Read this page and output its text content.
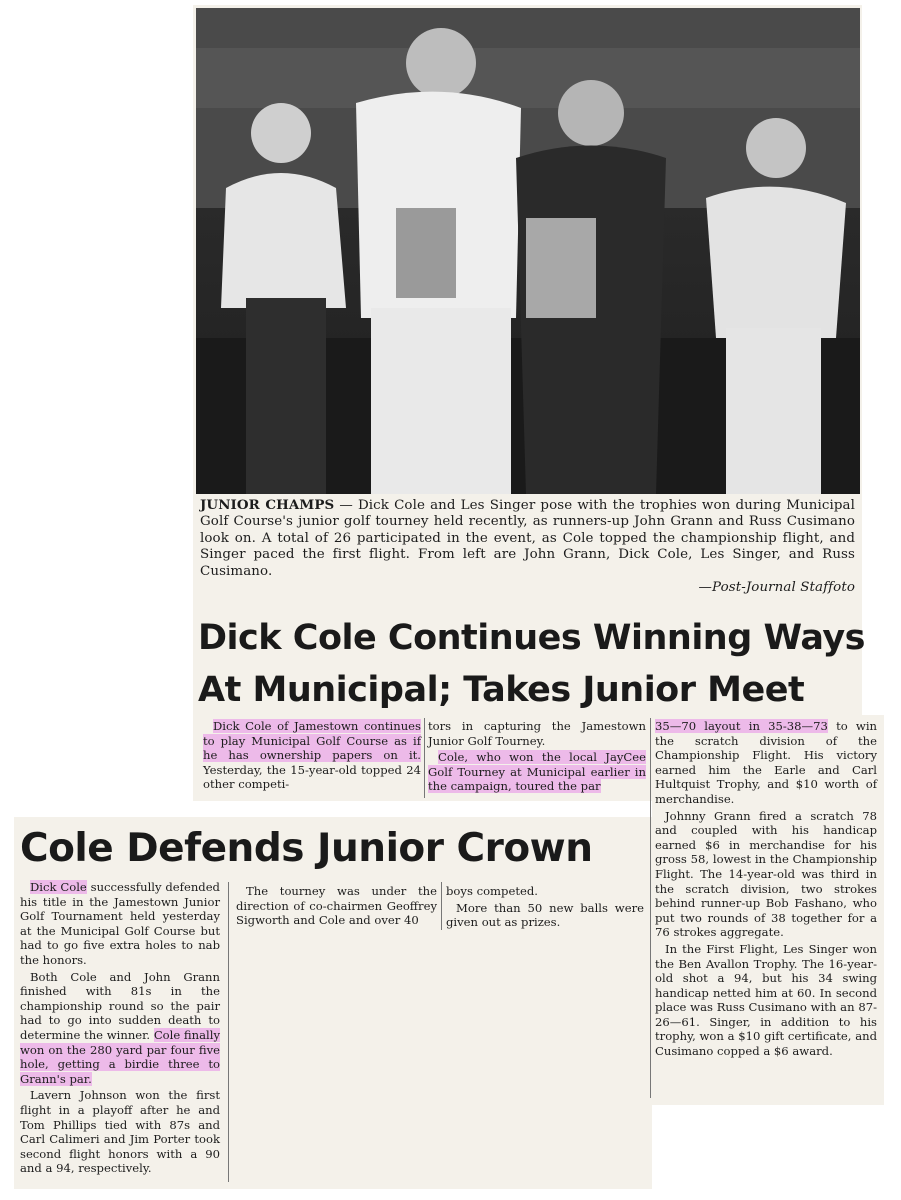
JUNIOR CHAMPS — Dick Cole and Les Singer pose with the trophies won during Municipal Golf Course's junior golf tourney held recently, as runners-up John Grann and Russ Cusimano look on. A total of 26 participated in the event, as Cole topped the championship flight, and Singer paced the first flight. From left are John Grann, Dick Cole, Les Singer, and Russ Cusimano.
—Post-Journal Staffoto
Dick Cole Continues Winning Ways
At Municipal; Takes Junior Meet

Dick Cole of Jamestown continues to play Municipal Golf Course as if he has ownership papers on it. Yesterday, the 15-year-old topped 24 other competi-

tors in capturing the Jamestown Junior Golf Tourney.

Cole, who won the local JayCee Golf Tourney at Municipal earlier in the campaign, toured the par

35—70 layout in 35-38—73 to win the scratch division of the Championship Flight. His victory earned him the Earle and Carl Hultquist Trophy, and $10 worth of merchandise.

Johnny Grann fired a scratch 78 and coupled with his handicap earned $6 in merchandise for his gross 58, lowest in the Championship Flight. The 14-year-old was third in the scratch division, two strokes behind runner-up Bob Fashano, who put two rounds of 38 together for a 76 strokes aggregate.

In the First Flight, Les Singer won the Ben Avallon Trophy. The 16-year-old shot a 94, but his 34 swing handicap netted him at 60. In second place was Russ Cusimano with an 87-26—61. Singer, in addition to his trophy, won a $10 gift certificate, and Cusimano copped a $6 award.

Cole Defends Junior Crown

Dick Cole successfully defended his title in the Jamestown Junior Golf Tournament held yesterday at the Municipal Golf Course but had to go five extra holes to nab the honors.

Both Cole and John Grann finished with 81s in the championship round so the pair had to go into sudden death to determine the winner. Cole finally won on the 280 yard par four five hole, getting a birdie three to Grann's par.

Lavern Johnson won the first flight in a playoff after he and Tom Phillips tied with 87s and Carl Calimeri and Jim Porter took second flight honors with a 90 and a 94, respectively.

The tourney was under the direction of co-chairmen Geoffrey Sigworth and Cole and over 40

boys competed.

More than 50 new balls were given out as prizes.
